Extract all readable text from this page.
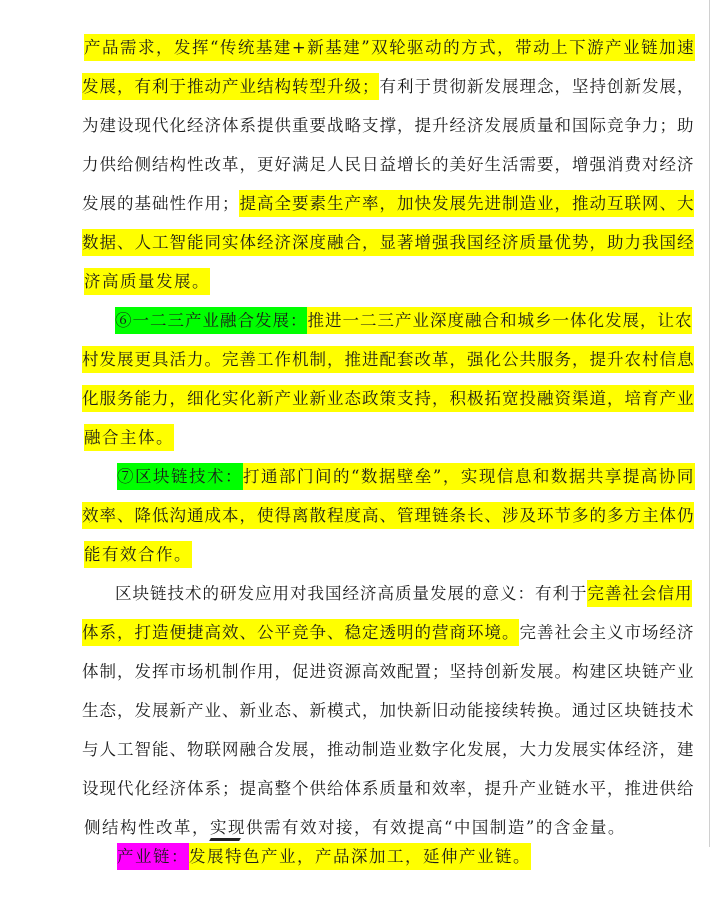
产品需求，发挥“传统基建+新基建”双轮驱动的方式，带动上下游产业链加速

发展，有利于推动产业结构转型升级；有利于贯彻新发展理念，坚持创新发展，

为建设现代化经济体系提供重要战略支撑，提升经济发展质量和国际竞争力；助

力供给侧结构性改革，更好满足人民日益增长的美好生活需要，增强消费对经济

发展的基础性作用；提高全要素生产率，加快发展先进制造业，推动互联网、大

数据、人工智能同实体经济深度融合，显著增强我国经济质量优势，助力我国经

济高质量发展。

⑥一二三产业融合发展：推进一二三产业深度融合和城乡一体化发展，让农

村发展更具活力。完善工作机制，推进配套改革，强化公共服务，提升农村信息

化服务能力，细化实化新产业新业态政策支持，积极拓宽投融资渠道，培育产业

融合主体。

⑦区块链技术：打通部门间的“数据壁垒”，实现信息和数据共享提高协同

效率、降低沟通成本，使得离散程度高、管理链条长、涉及环节多的多方主体仍

能有效合作。

区块链技术的研发应用对我国经济高质量发展的意义：有利于完善社会信用

体系，打造便捷高效、公平竞争、稳定透明的营商环境。完善社会主义市场经济

体制，发挥市场机制作用，促进资源高效配置；坚持创新发展。构建区块链产业

生态，发展新产业、新业态、新模式，加快新旧动能接续转换。通过区块链技术

与人工智能、物联网融合发展，推动制造业数字化发展，大力发展实体经济，建

设现代化经济体系；提高整个供给体系质量和效率，提升产业链水平，推进供给

侧结构性改革，实现供需有效对接，有效提高“中国制造”的含金量。

产业链：发展特色产业，产品深加工，延伸产业链。
